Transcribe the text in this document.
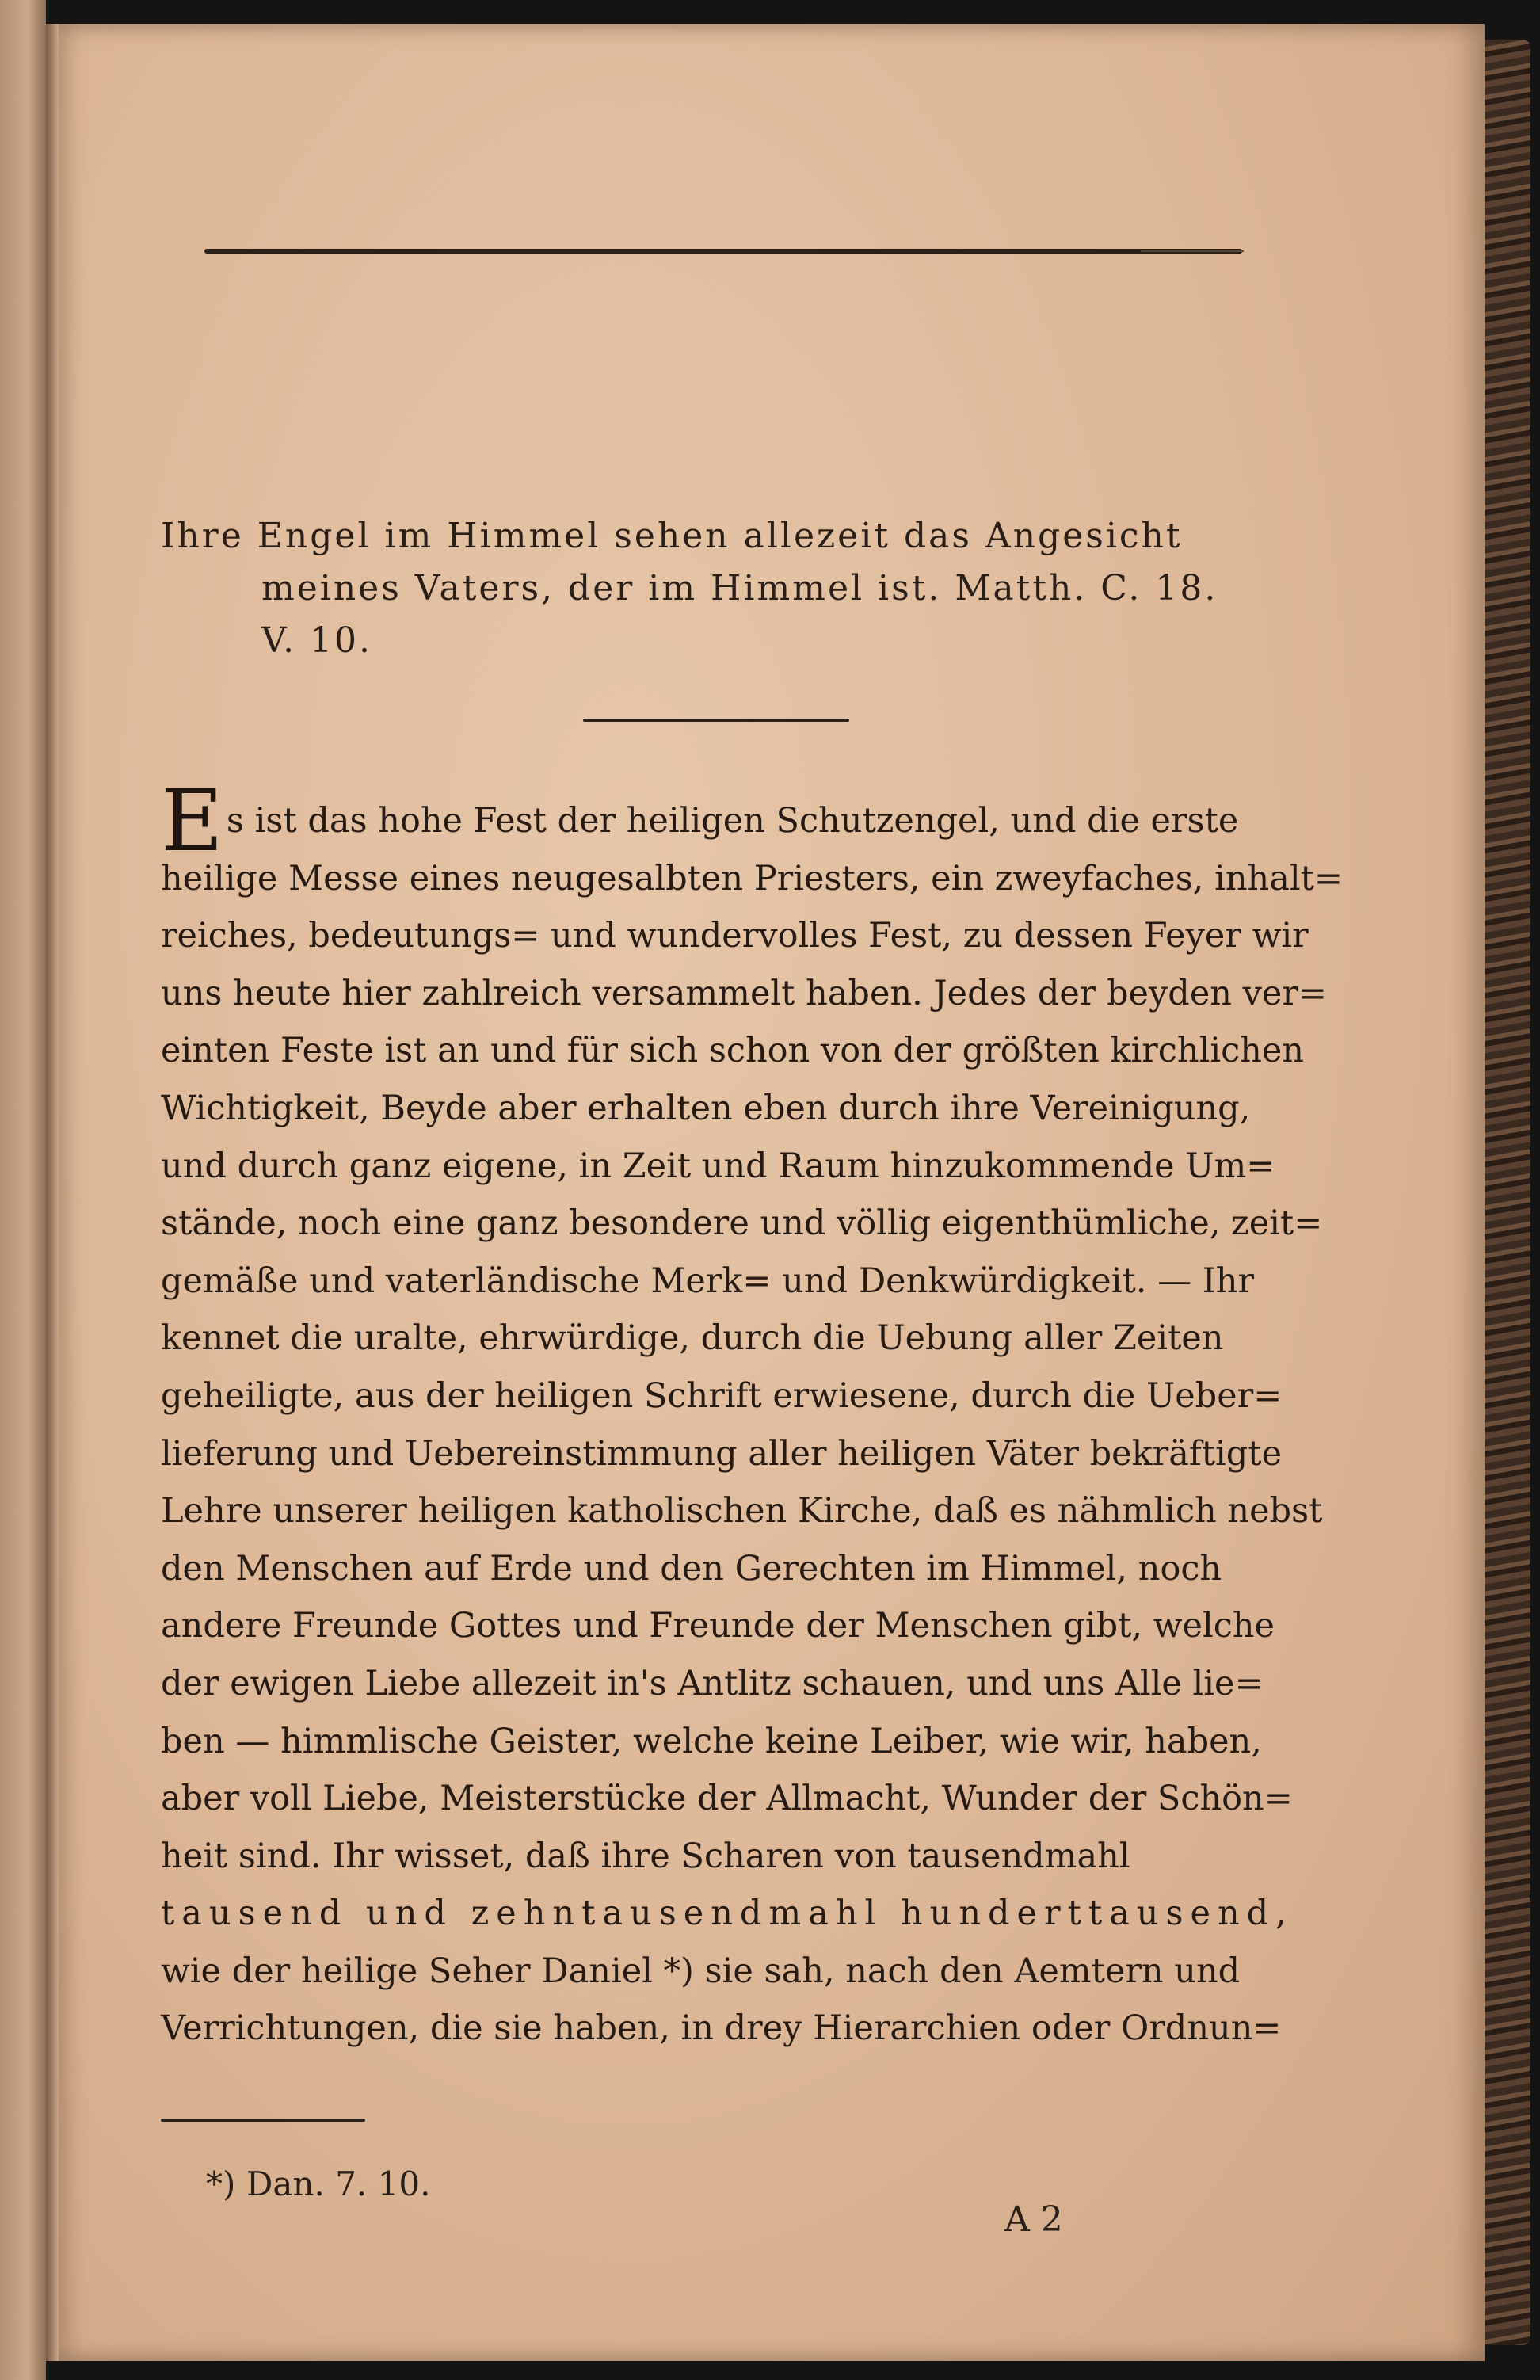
Ihre Engel im Himmel sehen allezeit das Angesicht
meines Vaters, der im Himmel ist. Matth. C. 18.
V. 10.
E s ist das hohe Fest der heiligen Schutzengel, und die erste
heilige Messe eines neugesalbten Priesters, ein zweyfaches, inhalt=
reiches, bedeutungs= und wundervolles Fest, zu dessen Feyer wir
uns heute hier zahlreich versammelt haben. Jedes der beyden ver=
einten Feste ist an und für sich schon von der größten kirchlichen
Wichtigkeit, Beyde aber erhalten eben durch ihre Vereinigung,
und durch ganz eigene, in Zeit und Raum hinzukommende Um=
stände, noch eine ganz besondere und völlig eigenthümliche, zeit=
gemäße und vaterländische Merk= und Denkwürdigkeit. — Ihr
kennet die uralte, ehrwürdige, durch die Uebung aller Zeiten
geheiligte, aus der heiligen Schrift erwiesene, durch die Ueber=
lieferung und Uebereinstimmung aller heiligen Väter bekräftigte
Lehre unserer heiligen katholischen Kirche, daß es nähmlich nebst
den Menschen auf Erde und den Gerechten im Himmel, noch
andere Freunde Gottes und Freunde der Menschen gibt, welche
der ewigen Liebe allezeit in's Antlitz schauen, und uns Alle lie=
ben — himmlische Geister, welche keine Leiber, wie wir, haben,
aber voll Liebe, Meisterstücke der Allmacht, Wunder der Schön=
heit sind. Ihr wisset, daß ihre Scharen von tausendmahl
tausend und zehntausendmahl hunderttausend,
wie der heilige Seher Daniel *) sie sah, nach den Aemtern und
Verrichtungen, die sie haben, in drey Hierarchien oder Ordnun=
*) Dan. 7. 10.
A 2
